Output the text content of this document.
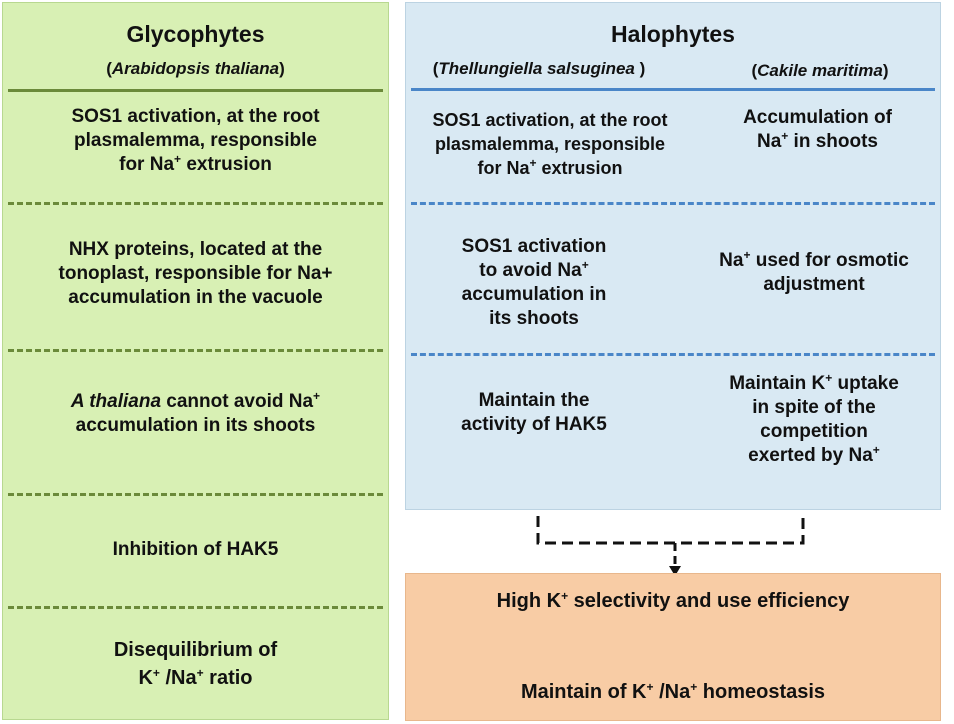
Glycophytes
(Arabidopsis thaliana)
SOS1 activation, at the root
plasmalemma, responsible
for Na+ extrusion
NHX proteins, located at the
tonoplast, responsible for Na+
accumulation in the vacuole
A thaliana cannot avoid Na+
accumulation in its shoots
Inhibition of HAK5
Disequilibrium of
K+ /Na+ ratio
Halophytes
(Thellungiella salsuginea )	(Cakile maritima)
SOS1 activation, at the root
plasmalemma, responsible
for Na+ extrusion
Accumulation of
Na+ in shoots
SOS1 activation
to avoid Na+
accumulation in
its shoots
Na+ used for osmotic
adjustment
Maintain the
activity of HAK5
Maintain K+ uptake
in spite of the
competition
exerted by Na+
High K+ selectivity and use efficiency
Maintain of K+ /Na+ homeostasis
